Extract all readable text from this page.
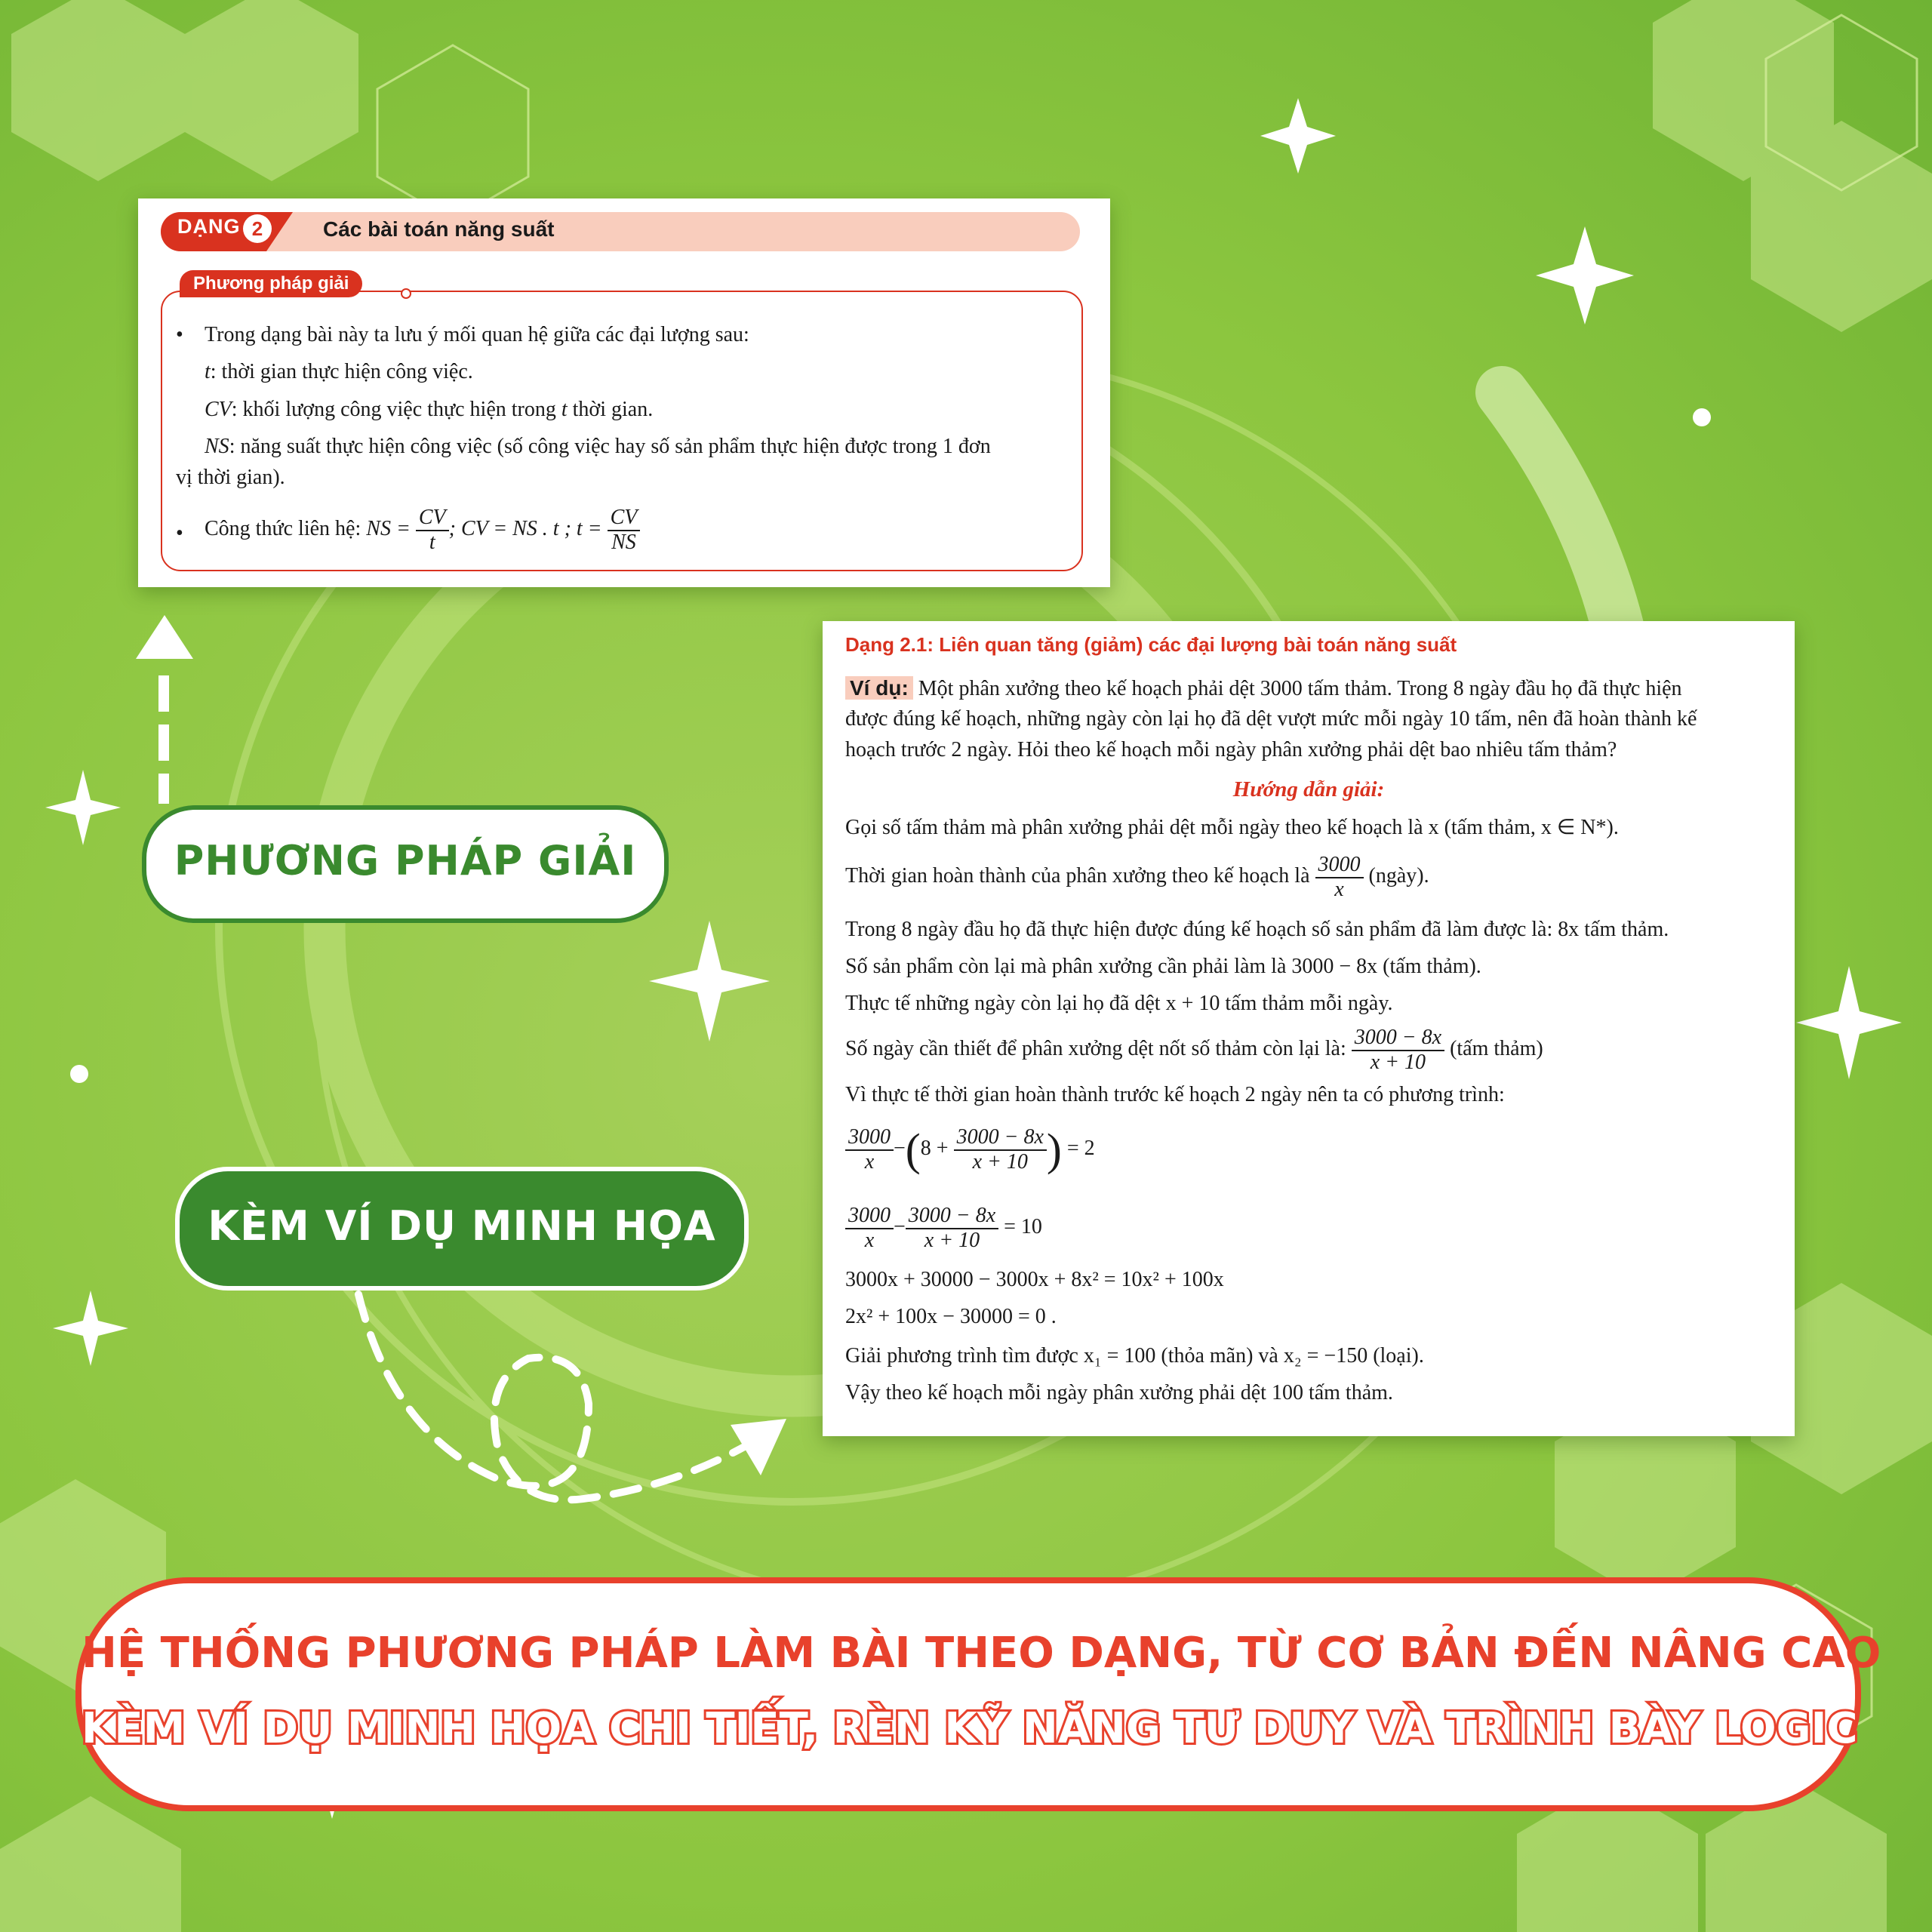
DẠNG 2	Các bài toán năng suất
Phương pháp giải
• Trong dạng bài này ta lưu ý mối quan hệ giữa các đại lượng sau:
t: thời gian thực hiện công việc.
CV: khối lượng công việc thực hiện trong t thời gian.
NS: năng suất thực hiện công việc (số công việc hay số sản phẩm thực hiện được trong 1 đơn
vị thời gian).
• Công thức liên hệ: NS = $\frac{CV}{t}$ ; CV = NS . t ; $t = \frac{CV}{NS}$
Dạng 2.1: Liên quan tăng (giảm) các đại lượng bài toán năng suất
Ví dụ: Một phân xưởng theo kế hoạch phải dệt 3000 tấm thảm. Trong 8 ngày đầu họ đã thực hiện
được đúng kế hoạch, những ngày còn lại họ đã dệt vượt mức mỗi ngày 10 tấm, nên đã hoàn thành kế
hoạch trước 2 ngày. Hỏi theo kế hoạch mỗi ngày phân xưởng phải dệt bao nhiêu tấm thảm?
Hướng dẫn giải:
Gọi số tấm thảm mà phân xưởng phải dệt mỗi ngày theo kế hoạch là x (tấm thảm, x ∈ N*).
Thời gian hoàn thành của phân xưởng theo kế hoạch là $\frac{3000}{x}$ (ngày).
Trong 8 ngày đầu họ đã thực hiện được đúng kế hoạch số sản phẩm đã làm được là: 8x tấm thảm.
Số sản phẩm còn lại mà phân xưởng cần phải làm là 3000 − 8x (tấm thảm).
Thực tế những ngày còn lại họ đã dệt x + 10 tấm thảm mỗi ngày.
Số ngày cần thiết để phân xưởng dệt nốt số thảm còn lại là: $\frac{3000 - 8x}{x + 10}$ (tấm thảm)
Vì thực tế thời gian hoàn thành trước kế hoạch 2 ngày nên ta có phương trình:
$\frac{3000}{x} -(8 + \frac{3000 - 8x}{x + 10}$ ) = 2
$\frac{3000}{x} - \frac{3000 - 8x}{x + 10} = 10$
3000x + 30000 − 3000x + 8x² = 10x² + 100x
2x² + 100x − 30000 = 0 .
Giải phương trình tìm được x₁ = 100 (thỏa mãn) và x₂ = −150 (loại).
Vậy theo kế hoạch mỗi ngày phân xưởng phải dệt 100 tấm thảm.
PHƯƠNG PHÁP GIẢI
KÈM VÍ DỤ MINH HỌA
HỆ THỐNG PHƯƠNG PHÁP LÀM BÀI THEO DẠNG, TỪ CƠ BẢN ĐẾN NÂNG CAO
KÈM VÍ DỤ MINH HỌA CHI TIẾT, RÈN KỸ NĂNG TƯ DUY VÀ TRÌNH BÀY LOGIC
